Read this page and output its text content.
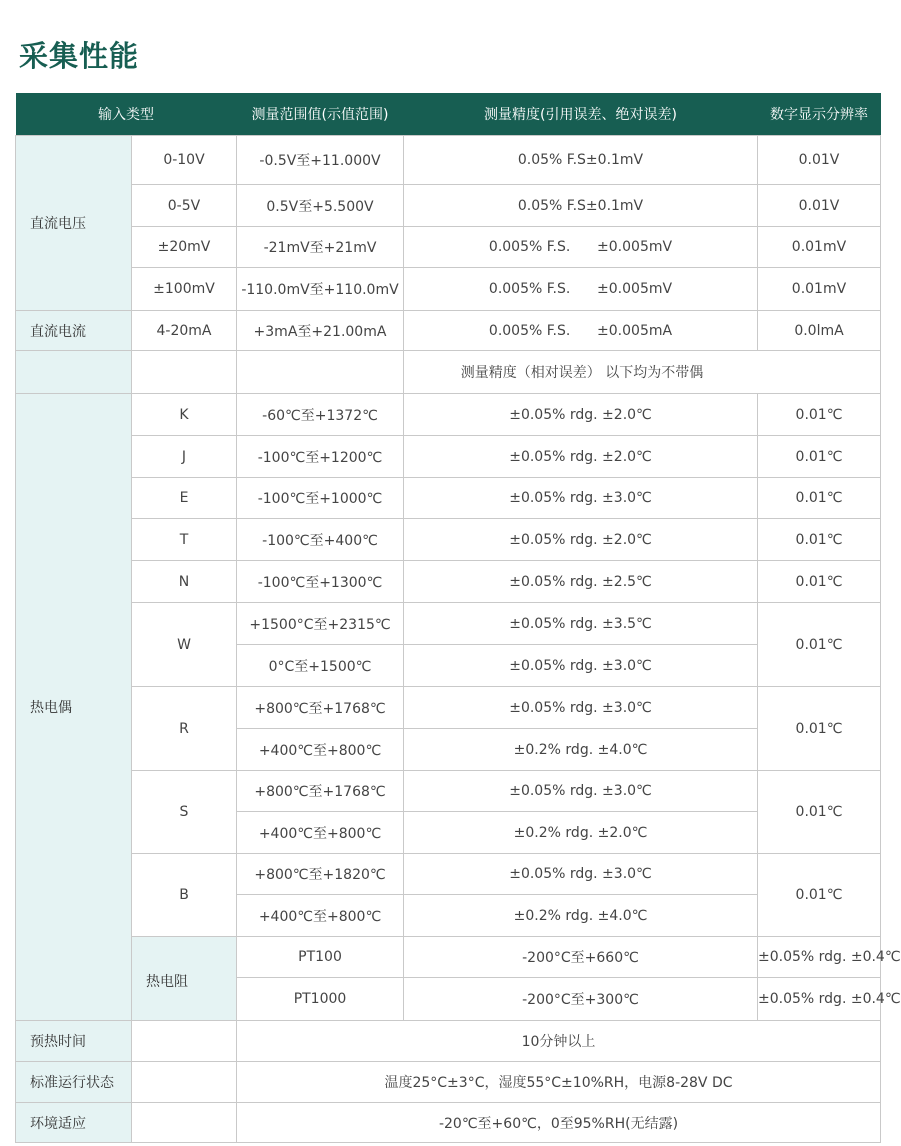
采集性能
输入类型		测量范围值(示值范围)	测量精度(引用误差、绝对误差)	数字显示分辨率	
直流电压	0-10V	-0.5V至+11.000V	0.05% F.S±0.1mV	0.01V	
	0-5V	0.5V至+5.500V	0.05% F.S±0.1mV	0.01V	
	±20mV	-21mV至+21mV	0.005% F.S.      ±0.005mV	0.01mV	
	±100mV	-110.0mV至+110.0mV	0.005% F.S.      ±0.005mV	0.01mV	
直流电流	4-20mA	+3mA至+21.00mA	0.005% F.S.      ±0.005mA	0.0lmA	
			测量精度（相对误差） 以下均为不带偶		
热电偶	K	-60℃至+1372℃	±0.05% rdg. ±2.0℃	0.01℃	
	J	-100℃至+1200℃	±0.05% rdg. ±2.0℃	0.01℃	
	E	-100℃至+1000℃	±0.05% rdg. ±3.0℃	0.01℃	
	T	-100℃至+400℃	±0.05% rdg. ±2.0℃	0.01℃	
	N	-100℃至+1300℃	±0.05% rdg. ±2.5℃	0.01℃	
	W	+1500°C至+2315℃	±0.05% rdg. ±3.5℃	0.01℃	
		0°C至+1500℃	±0.05% rdg. ±3.0℃		
	R	+800℃至+1768℃	±0.05% rdg. ±3.0℃	0.01℃	
		+400℃至+800℃	±0.2% rdg. ±4.0℃		
	S	+800℃至+1768℃	±0.05% rdg. ±3.0℃	0.01℃	
		+400℃至+800℃	±0.2% rdg. ±2.0℃		
	B	+800℃至+1820℃	±0.05% rdg. ±3.0℃	0.01℃	
		+400℃至+800℃	±0.2% rdg. ±4.0℃		
	热电阻	PT100	-200°C至+660℃	±0.05% rdg. ±0.4℃	
		PT1000	-200°C至+300℃	±0.05% rdg. ±0.4℃	
预热时间		10分钟以上			
标准运行状态		温度25°C±3°C，湿度55°C±10%RH，电源8-28V DC			
环境适应		-20℃至+60℃，0至95%RH(无结露)			
